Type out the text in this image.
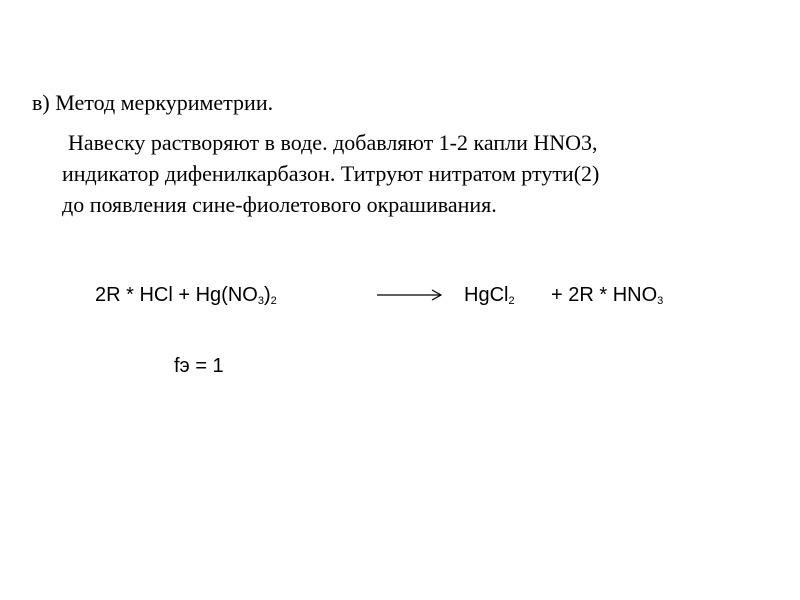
в) Метод меркуриметрии.
Навеску растворяют в воде. добавляют 1-2 капли HNO3,
индикатор дифенилкарбазон. Титруют нитратом ртути(2)
до появления сине-фиолетового окрашивания.
2R * HCl + $Hg(NO_3)_2$	→ HgCl$_2$ + $2R * HNO_3$
fэ = 1
